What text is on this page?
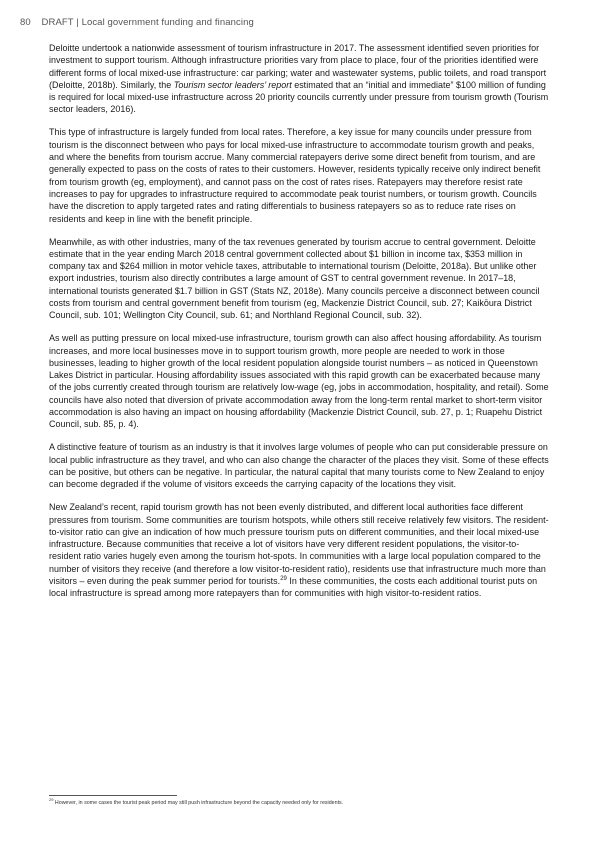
80 DRAFT | Local government funding and financing

Deloitte undertook a nationwide assessment of tourism infrastructure in 2017. The assessment identified seven priorities for investment to support tourism. Although infrastructure priorities vary from place to place, four of the priorities identified were different forms of local mixed-use infrastructure: car parking; water and wastewater systems, public toilets, and road transport (Deloitte, 2018b). Similarly, the Tourism sector leaders’ report estimated that an “initial and immediate” $100 million of funding is required for local mixed-use infrastructure across 20 priority councils currently under pressure from tourism growth (Tourism sector leaders, 2016).

This type of infrastructure is largely funded from local rates. Therefore, a key issue for many councils under pressure from tourism is the disconnect between who pays for local mixed-use infrastructure to accommodate tourism growth and peaks, and where the benefits from tourism accrue. Many commercial ratepayers derive some direct benefit from tourism, and are generally expected to pass on the costs of rates to their customers. However, residents typically receive only indirect benefit from tourism growth (eg, employment), and cannot pass on the cost of rates rises. Ratepayers may therefore resist rate increases to pay for upgrades to infrastructure required to accommodate peak tourist numbers, or tourism growth. Councils have the discretion to apply targeted rates and rating differentials to business ratepayers so as to reduce rate rises on residents and keep in line with the benefit principle.

Meanwhile, as with other industries, many of the tax revenues generated by tourism accrue to central government. Deloitte estimate that in the year ending March 2018 central government collected about $1 billion in income tax, $353 million in company tax and $264 million in motor vehicle taxes, attributable to international tourism (Deloitte, 2018a). But unlike other export industries, tourism also directly contributes a large amount of GST to central government revenue. In 2017–18, international tourists generated $1.7 billion in GST (Stats NZ, 2018e). Many councils perceive a disconnect between council costs from tourism and central government benefit from tourism (eg, Mackenzie District Council, sub. 27; Kaikōura District Council, sub. 101; Wellington City Council, sub. 61; and Northland Regional Council, sub. 32).

As well as putting pressure on local mixed-use infrastructure, tourism growth can also affect housing affordability. As tourism increases, and more local businesses move in to support tourism growth, more people are needed to work in those businesses, leading to higher growth of the local resident population alongside tourist numbers – as noticed in Queenstown Lakes District in particular. Housing affordability issues associated with this rapid growth can be exacerbated because many of the jobs currently created through tourism are relatively low-wage (eg, jobs in accommodation, hospitality, and retail). Some councils have also noted that diversion of private accommodation away from the long-term rental market to short-term visitor accommodation is also having an impact on housing affordability (Mackenzie District Council, sub. 27, p. 1; Ruapehu District Council, sub. 85, p. 4).

A distinctive feature of tourism as an industry is that it involves large volumes of people who can put considerable pressure on local public infrastructure as they travel, and who can also change the character of the places they visit. Some of these effects can be positive, but others can be negative. In particular, the natural capital that many tourists come to New Zealand to enjoy can become degraded if the volume of visitors exceeds the carrying capacity of the locations they visit.

New Zealand’s recent, rapid tourism growth has not been evenly distributed, and different local authorities face different pressures from tourism. Some communities are tourism hotspots, while others still receive relatively few visitors. The resident-to-visitor ratio can give an indication of how much pressure tourism puts on different communities, and their local mixed-use infrastructure. Because communities that receive a lot of visitors have very different resident populations, the visitor-to-resident ratio varies hugely even among the tourism hot-spots. In communities with a large local population compared to the number of visitors they receive (and therefore a low visitor-to-resident ratio), residents use that infrastructure much more than visitors – even during the peak summer period for tourists.$^{29}$ In these communities, the costs each additional tourist puts on local infrastructure is spread among more ratepayers than for communities with high visitor-to-resident ratios.

$^{29}$ However, in some cases the tourist peak period may still push infrastructure beyond the capacity needed only for residents.
